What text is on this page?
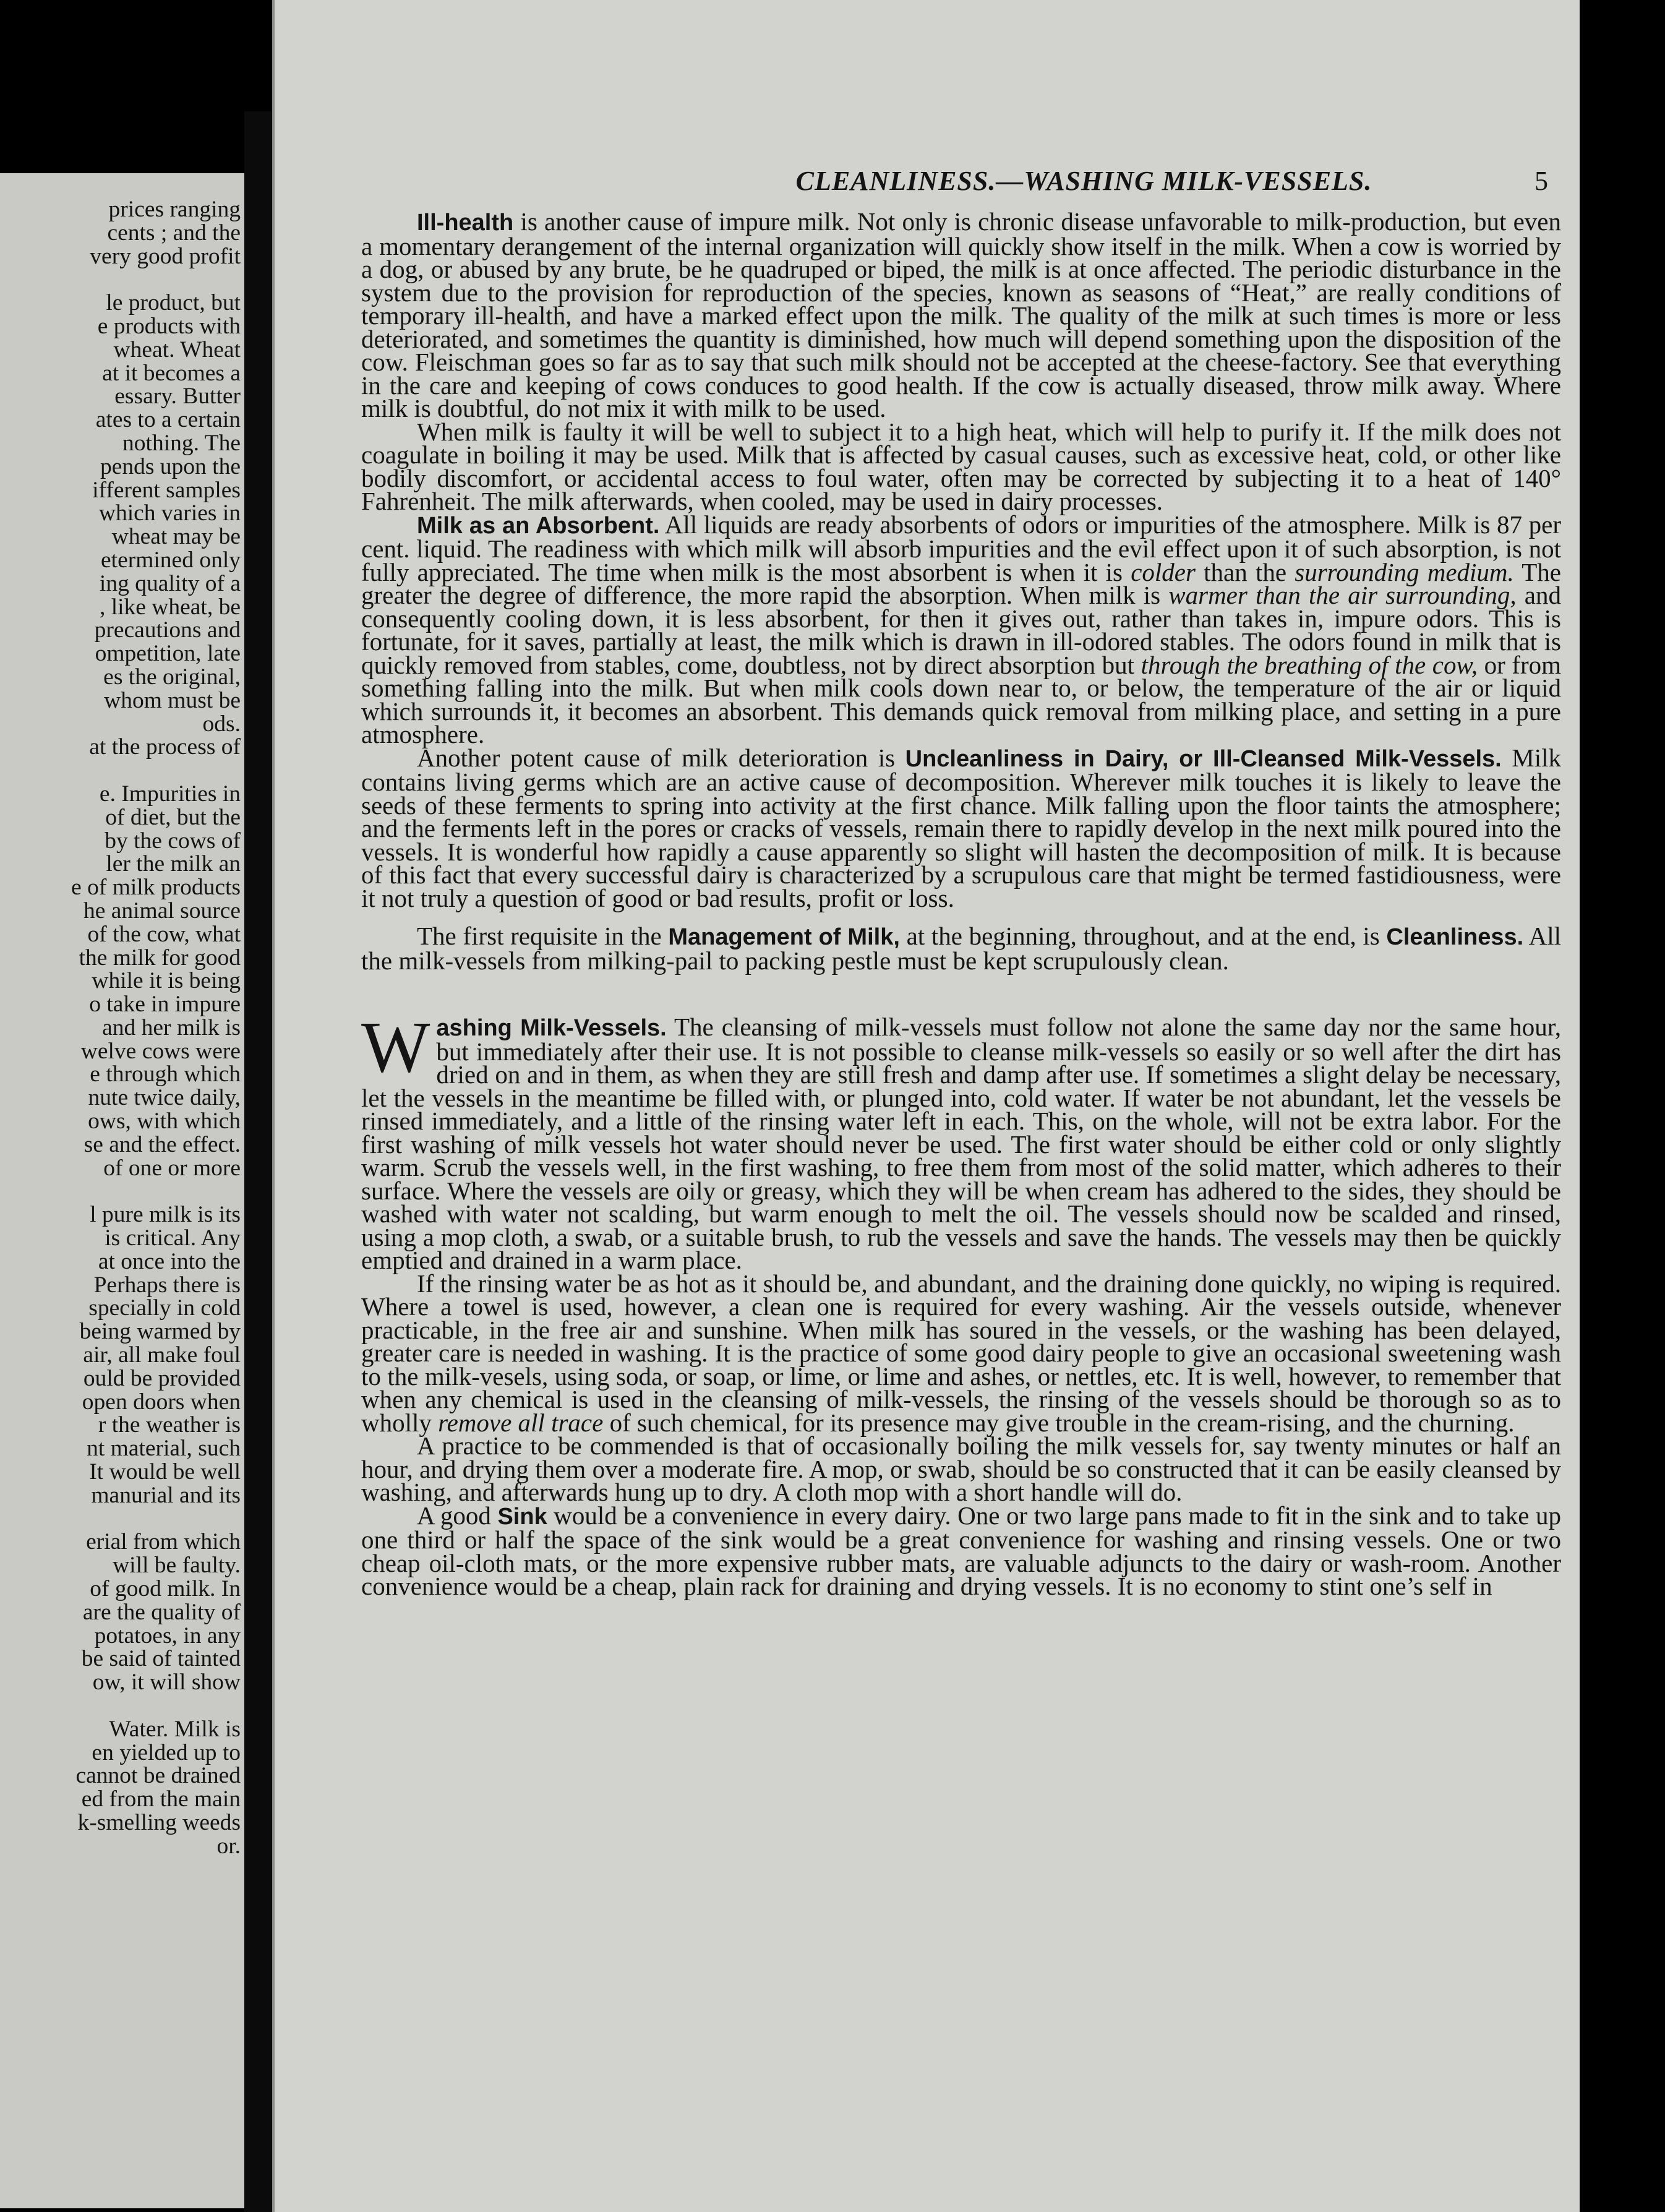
prices ranging
cents ; and the
very good profit
le product, but
e products with
wheat. Wheat
at it becomes a
essary. Butter
ates to a certain
nothing. The
pends upon the
ifferent samples
which varies in
wheat may be
etermined only
ing quality of a
, like wheat, be
precautions and
ompetition, late
es the original,
whom must be
ods.
at the process of
e. Impurities in
of diet, but the
by the cows of
ler the milk an
e of milk products
he animal source
of the cow, what
the milk for good
while it is being
o take in impure
and her milk is
welve cows were
e through which
nute twice daily,
ows, with which
se and the effect.
of one or more
l pure milk is its
is critical. Any
at once into the
Perhaps there is
specially in cold
being warmed by
air, all make foul
ould be provided
open doors when
r the weather is
nt material, such
It would be well
manurial and its
erial from which
will be faulty.
of good milk. In
are the quality of
potatoes, in any
be said of tainted
ow, it will show
Water. Milk is
en yielded up to
cannot be drained
ed from the main
k-smelling weeds
or.
CLEANLINESS.—WASHING MILK-VESSELS.	5

Ill-health is another cause of impure milk. Not only is chronic disease unfavorable to milk-production, but even a momentary derangement of the internal organization will quickly show itself in the milk. When a cow is worried by a dog, or abused by any brute, be he quadruped or biped, the milk is at once affected. The periodic disturbance in the system due to the provision for reproduction of the species, known as seasons of “Heat,” are really conditions of temporary ill-health, and have a marked effect upon the milk. The quality of the milk at such times is more or less deteriorated, and sometimes the quantity is diminished, how much will depend something upon the disposition of the cow. Fleischman goes so far as to say that such milk should not be accepted at the cheese-factory. See that everything in the care and keeping of cows conduces to good health. If the cow is actually diseased, throw milk away. Where milk is doubtful, do not mix it with milk to be used.

When milk is faulty it will be well to subject it to a high heat, which will help to purify it. If the milk does not coagulate in boiling it may be used. Milk that is affected by casual causes, such as excessive heat, cold, or other like bodily discomfort, or accidental access to foul water, often may be corrected by subjecting it to a heat of 140° Fahrenheit. The milk afterwards, when cooled, may be used in dairy processes.

Milk as an Absorbent. All liquids are ready absorbents of odors or impurities of the atmosphere. Milk is 87 per cent. liquid. The readiness with which milk will absorb impurities and the evil effect upon it of such absorption, is not fully appreciated. The time when milk is the most absorbent is when it is colder than the surrounding medium. The greater the degree of difference, the more rapid the absorption. When milk is warmer than the air surrounding, and consequently cooling down, it is less absorbent, for then it gives out, rather than takes in, impure odors. This is fortunate, for it saves, partially at least, the milk which is drawn in ill-odored stables. The odors found in milk that is quickly removed from stables, come, doubtless, not by direct absorption but through the breathing of the cow, or from something falling into the milk. But when milk cools down near to, or below, the temperature of the air or liquid which surrounds it, it becomes an absorbent. This demands quick removal from milking place, and setting in a pure atmosphere.

Another potent cause of milk deterioration is Uncleanliness in Dairy, or Ill-Cleansed Milk-Vessels. Milk contains living germs which are an active cause of decomposition. Wherever milk touches it is likely to leave the seeds of these ferments to spring into activity at the first chance. Milk falling upon the floor taints the atmosphere; and the ferments left in the pores or cracks of vessels, remain there to rapidly develop in the next milk poured into the vessels. It is wonderful how rapidly a cause apparently so slight will hasten the decomposition of milk. It is because of this fact that every successful dairy is characterized by a scrupulous care that might be termed fastidiousness, were it not truly a question of good or bad results, profit or loss.

The first requisite in the Management of Milk, at the beginning, throughout, and at the end, is Cleanliness. All the milk-vessels from milking-pail to packing pestle must be kept scrupulously clean.

Washing Milk-Vessels. The cleansing of milk-vessels must follow not alone the same day nor the same hour, but immediately after their use. It is not possible to cleanse milk-vessels so easily or so well after the dirt has dried on and in them, as when they are still fresh and damp after use. If sometimes a slight delay be necessary, let the vessels in the meantime be filled with, or plunged into, cold water. If water be not abundant, let the vessels be rinsed immediately, and a little of the rinsing water left in each. This, on the whole, will not be extra labor. For the first washing of milk vessels hot water should never be used. The first water should be either cold or only slightly warm. Scrub the vessels well, in the first washing, to free them from most of the solid matter, which adheres to their surface. Where the vessels are oily or greasy, which they will be when cream has adhered to the sides, they should be washed with water not scalding, but warm enough to melt the oil. The vessels should now be scalded and rinsed, using a mop cloth, a swab, or a suitable brush, to rub the vessels and save the hands. The vessels may then be quickly emptied and drained in a warm place.

If the rinsing water be as hot as it should be, and abundant, and the draining done quickly, no wiping is required. Where a towel is used, however, a clean one is required for every washing. Air the vessels outside, whenever practicable, in the free air and sunshine. When milk has soured in the vessels, or the washing has been delayed, greater care is needed in washing. It is the practice of some good dairy people to give an occasional sweetening wash to the milk-vesels, using soda, or soap, or lime, or lime and ashes, or nettles, etc. It is well, however, to remember that when any chemical is used in the cleansing of milk-vessels, the rinsing of the vessels should be thorough so as to wholly remove all trace of such chemical, for its presence may give trouble in the cream-rising, and the churning.

A practice to be commended is that of occasionally boiling the milk vessels for, say twenty minutes or half an hour, and drying them over a moderate fire. A mop, or swab, should be so constructed that it can be easily cleansed by washing, and afterwards hung up to dry. A cloth mop with a short handle will do.

A good Sink would be a convenience in every dairy. One or two large pans made to fit in the sink and to take up one third or half the space of the sink would be a great convenience for washing and rinsing vessels. One or two cheap oil-cloth mats, or the more expensive rubber mats, are valuable adjuncts to the dairy or wash-room. Another convenience would be a cheap, plain rack for draining and drying vessels. It is no economy to stint one’s self in
